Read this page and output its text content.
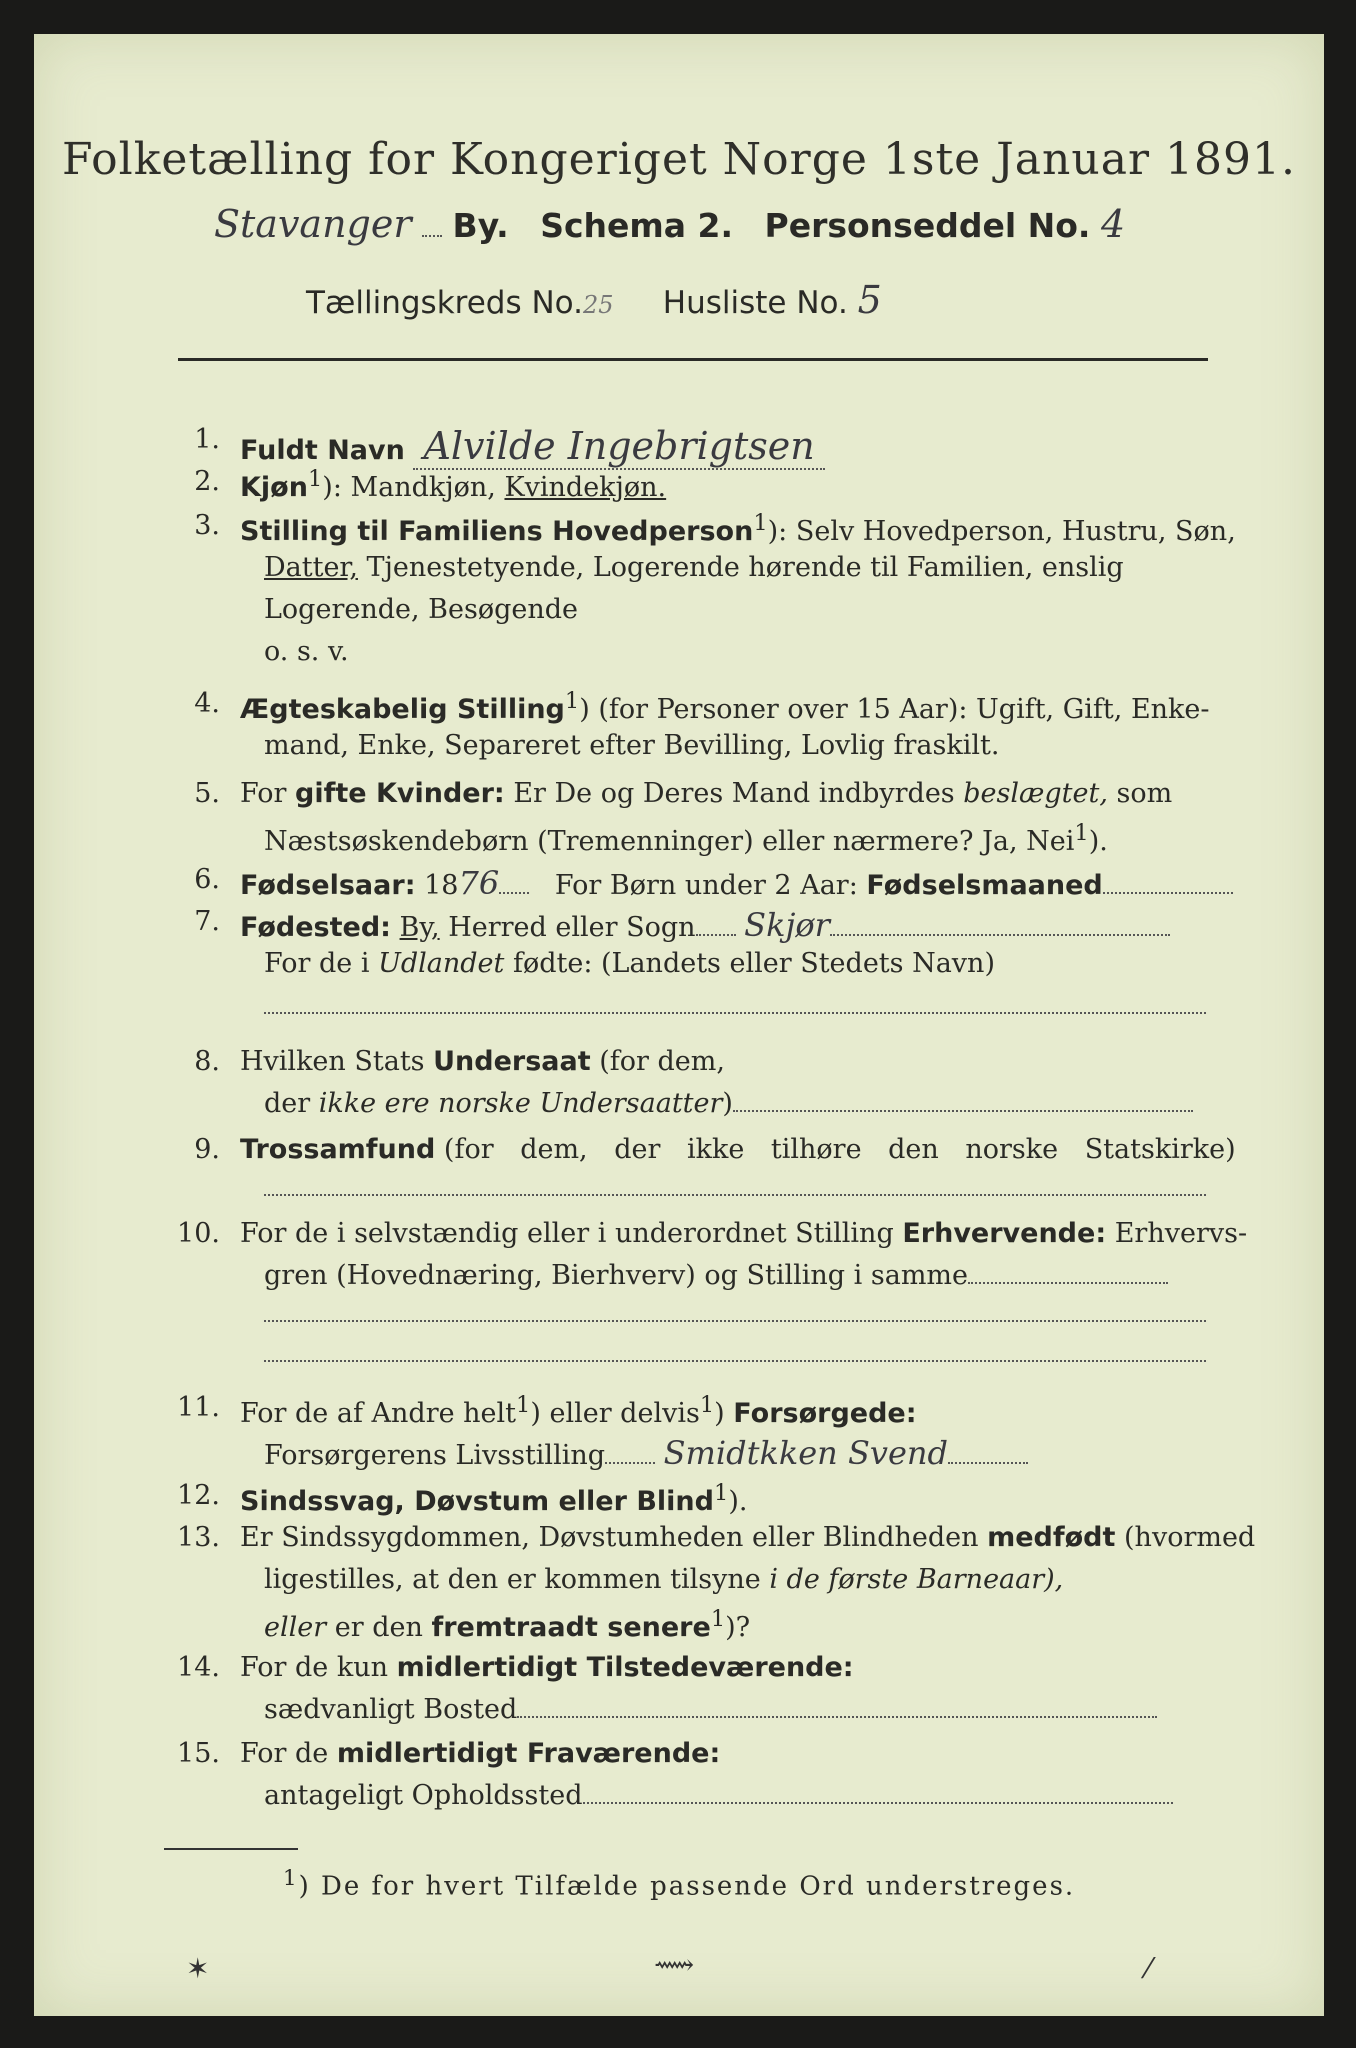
Folketælling for Kongeriget Norge 1ste Januar 1891.
Stavanger By. Schema 2. Personseddel No. 4
Tællingskreds No.25 Husliste No. 5
1. Fuldt Navn Alvilde Ingebrigtsen
2. Kjøn$^1$): Mandkjøn, Kvindekjøn.
3. Stilling til Familiens Hovedperson$^1$): Selv Hovedperson, Hustru, Søn,
Datter, Tjenestetyende, Logerende hørende til Familien, enslig
Logerende, Besøgende
o. s. v.
4. Ægteskabelig Stilling$^1$) (for Personer over 15 Aar): Ugift, Gift, Enke-
mand, Enke, Separeret efter Bevilling, Lovlig fraskilt.
5. For gifte Kvinder: Er De og Deres Mand indbyrdes beslægtet, som
Næstsøskendebørn (Tremenninger) eller nærmere? Ja, Nei$^1$).
6. Fødselsaar: 1876 For Børn under 2 Aar: Fødselsmaaned
7. Fødested: By, Herred eller Sogn Skjør
For de i Udlandet fødte: (Landets eller Stedets Navn)
8. Hvilken Stats Undersaat (for dem,
der ikke ere norske Undersaatter)
9. Trossamfund (for dem, der ikke tilhøre den norske Statskirke)
10. For de i selvstændig eller i underordnet Stilling Erhvervende: Erhvervs-
gren (Hovednæring, Bierhverv) og Stilling i samme
11. For de af Andre helt$^1$) eller delvis$^1$) Forsørgede:
Forsørgerens Livsstilling Smidtkken Svend
12. Sindssvag, Døvstum eller Blind$^1$).
13. Er Sindssygdommen, Døvstumheden eller Blindheden medfødt (hvormed
ligestilles, at den er kommen tilsyne i de første Barneaar),
eller er den fremtraadt senere$^1$)?
14. For de kun midlertidigt Tilstedeværende:
sædvanligt Bosted
15. For de midlertidigt Fraværende:
antageligt Opholdssted
$^1$) De for hvert Tilfælde passende Ord understreges.
✶	⟿	⁄
